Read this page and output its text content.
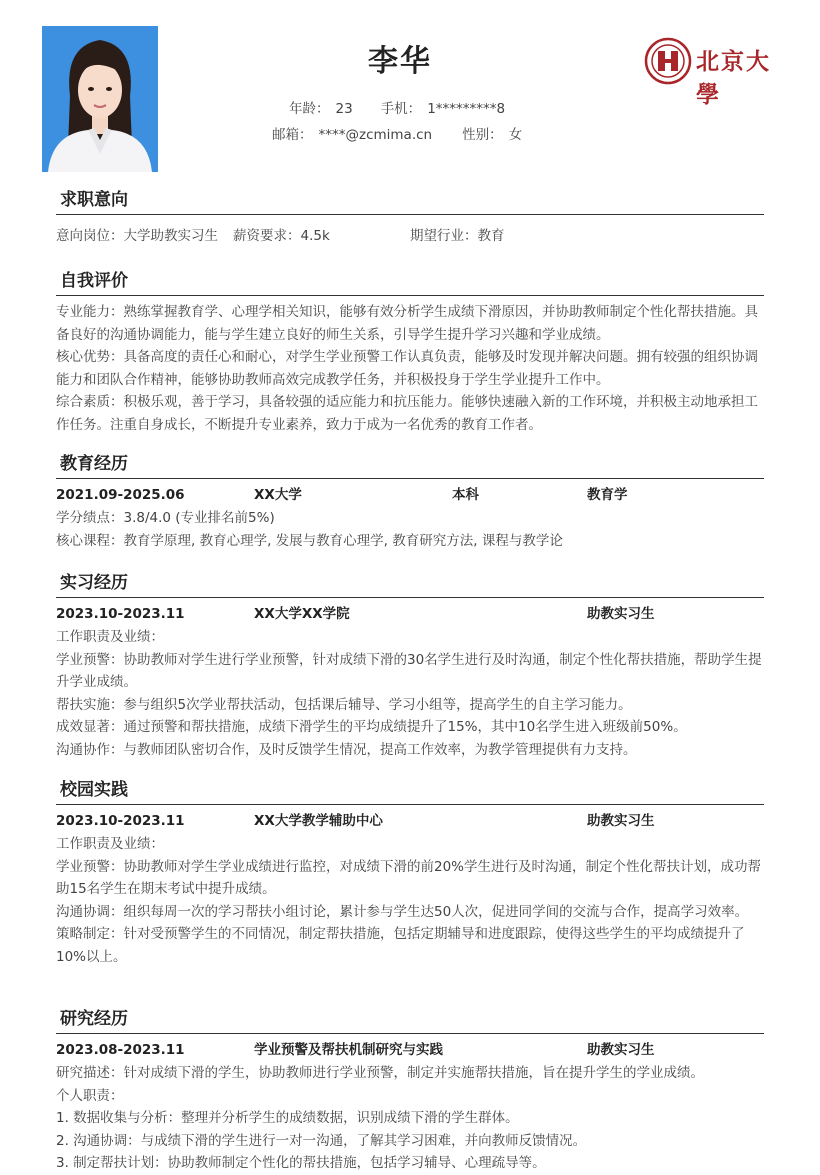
李华
年龄： 23 手机： 1*********8
邮箱： ****@zcmima.cn 性别： 女
北京大學
求职意向
意向岗位：大学助教实习生 薪资要求：4.5k	期望行业：教育
自我评价

专业能力：熟练掌握教育学、心理学相关知识，能够有效分析学生成绩下滑原因，并协助教师制定个性化帮扶措施。具备良好的沟通协调能力，能与学生建立良好的师生关系，引导学生提升学习兴趣和学业成绩。

核心优势：具备高度的责任心和耐心，对学生学业预警工作认真负责，能够及时发现并解决问题。拥有较强的组织协调能力和团队合作精神，能够协助教师高效完成教学任务，并积极投身于学生学业提升工作中。

综合素质：积极乐观，善于学习，具备较强的适应能力和抗压能力。能够快速融入新的工作环境，并积极主动地承担工作任务。注重自身成长，不断提升专业素养，致力于成为一名优秀的教育工作者。

教育经历
2021.09-2025.06	XX大学	本科	教育学
学分绩点：3.8/4.0 (专业排名前5%)
核心课程：教育学原理, 教育心理学, 发展与教育心理学, 教育研究方法, 课程与教学论
实习经历
2023.10-2023.11	XX大学XX学院	助教实习生

工作职责及业绩：

学业预警：协助教师对学生进行学业预警，针对成绩下滑的30名学生进行及时沟通，制定个性化帮扶措施，帮助学生提升学业成绩。

帮扶实施：参与组织5次学业帮扶活动，包括课后辅导、学习小组等，提高学生的自主学习能力。

成效显著：通过预警和帮扶措施，成绩下滑学生的平均成绩提升了15%，其中10名学生进入班级前50%。

沟通协作：与教师团队密切合作，及时反馈学生情况，提高工作效率，为教学管理提供有力支持。

校园实践
2023.10-2023.11	XX大学教学辅助中心	助教实习生

工作职责及业绩：

学业预警：协助教师对学生学业成绩进行监控，对成绩下滑的前20%学生进行及时沟通，制定个性化帮扶计划，成功帮助15名学生在期末考试中提升成绩。

沟通协调：组织每周一次的学习帮扶小组讨论，累计参与学生达50人次，促进同学间的交流与合作，提高学习效率。

策略制定：针对受预警学生的不同情况，制定帮扶措施，包括定期辅导和进度跟踪，使得这些学生的平均成绩提升了10%以上。

研究经历
2023.08-2023.11	学业预警及帮扶机制研究与实践	助教实习生

研究描述：针对成绩下滑的学生，协助教师进行学业预警，制定并实施帮扶措施，旨在提升学生的学业成绩。

个人职责：

1. 数据收集与分析：整理并分析学生的成绩数据，识别成绩下滑的学生群体。

2. 沟通协调：与成绩下滑的学生进行一对一沟通，了解其学习困难，并向教师反馈情况。

3. 制定帮扶计划：协助教师制定个性化的帮扶措施，包括学习辅导、心理疏导等。
